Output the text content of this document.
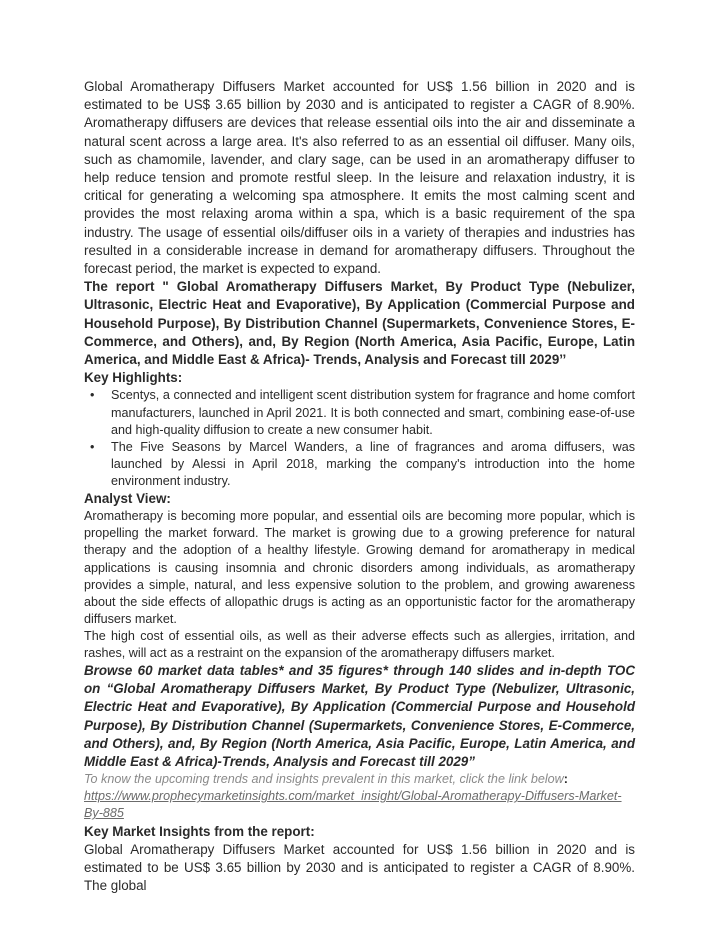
Global Aromatherapy Diffusers Market accounted for US$ 1.56 billion in 2020 and is estimated to be US$ 3.65 billion by 2030 and is anticipated to register a CAGR of 8.90%. Aromatherapy diffusers are devices that release essential oils into the air and disseminate a natural scent across a large area. It's also referred to as an essential oil diffuser. Many oils, such as chamomile, lavender, and clary sage, can be used in an aromatherapy diffuser to help reduce tension and promote restful sleep. In the leisure and relaxation industry, it is critical for generating a welcoming spa atmosphere. It emits the most calming scent and provides the most relaxing aroma within a spa, which is a basic requirement of the spa industry. The usage of essential oils/diffuser oils in a variety of therapies and industries has resulted in a considerable increase in demand for aromatherapy diffusers. Throughout the forecast period, the market is expected to expand.

The report " Global Aromatherapy Diffusers Market, By Product Type (Nebulizer, Ultrasonic, Electric Heat and Evaporative), By Application (Commercial Purpose and Household Purpose), By Distribution Channel (Supermarkets, Convenience Stores, E-Commerce, and Others), and, By Region (North America, Asia Pacific, Europe, Latin America, and Middle East & Africa)- Trends, Analysis and Forecast till 2029’’

Key Highlights:

• Scentys, a connected and intelligent scent distribution system for fragrance and home comfort manufacturers, launched in April 2021. It is both connected and smart, combining ease-of-use and high-quality diffusion to create a new consumer habit.
• The Five Seasons by Marcel Wanders, a line of fragrances and aroma diffusers, was launched by Alessi in April 2018, marking the company's introduction into the home environment industry.

Analyst View:

Aromatherapy is becoming more popular, and essential oils are becoming more popular, which is propelling the market forward. The market is growing due to a growing preference for natural therapy and the adoption of a healthy lifestyle. Growing demand for aromatherapy in medical applications is causing insomnia and chronic disorders among individuals, as aromatherapy provides a simple, natural, and less expensive solution to the problem, and growing awareness about the side effects of allopathic drugs is acting as an opportunistic factor for the aromatherapy diffusers market.

The high cost of essential oils, as well as their adverse effects such as allergies, irritation, and rashes, will act as a restraint on the expansion of the aromatherapy diffusers market.

Browse 60 market data tables* and 35 figures* through 140 slides and in-depth TOC on “Global Aromatherapy Diffusers Market, By Product Type (Nebulizer, Ultrasonic, Electric Heat and Evaporative), By Application (Commercial Purpose and Household Purpose), By Distribution Channel (Supermarkets, Convenience Stores, E-Commerce, and Others), and, By Region (North America, Asia Pacific, Europe, Latin America, and Middle East & Africa)-Trends, Analysis and Forecast till 2029”

To know the upcoming trends and insights prevalent in this market, click the link below:

https://www.prophecymarketinsights.com/market_insight/Global-Aromatherapy-Diffusers-Market-By-885

Key Market Insights from the report:

Global Aromatherapy Diffusers Market accounted for US$ 1.56 billion in 2020 and is estimated to be US$ 3.65 billion by 2030 and is anticipated to register a CAGR of 8.90%. The global
